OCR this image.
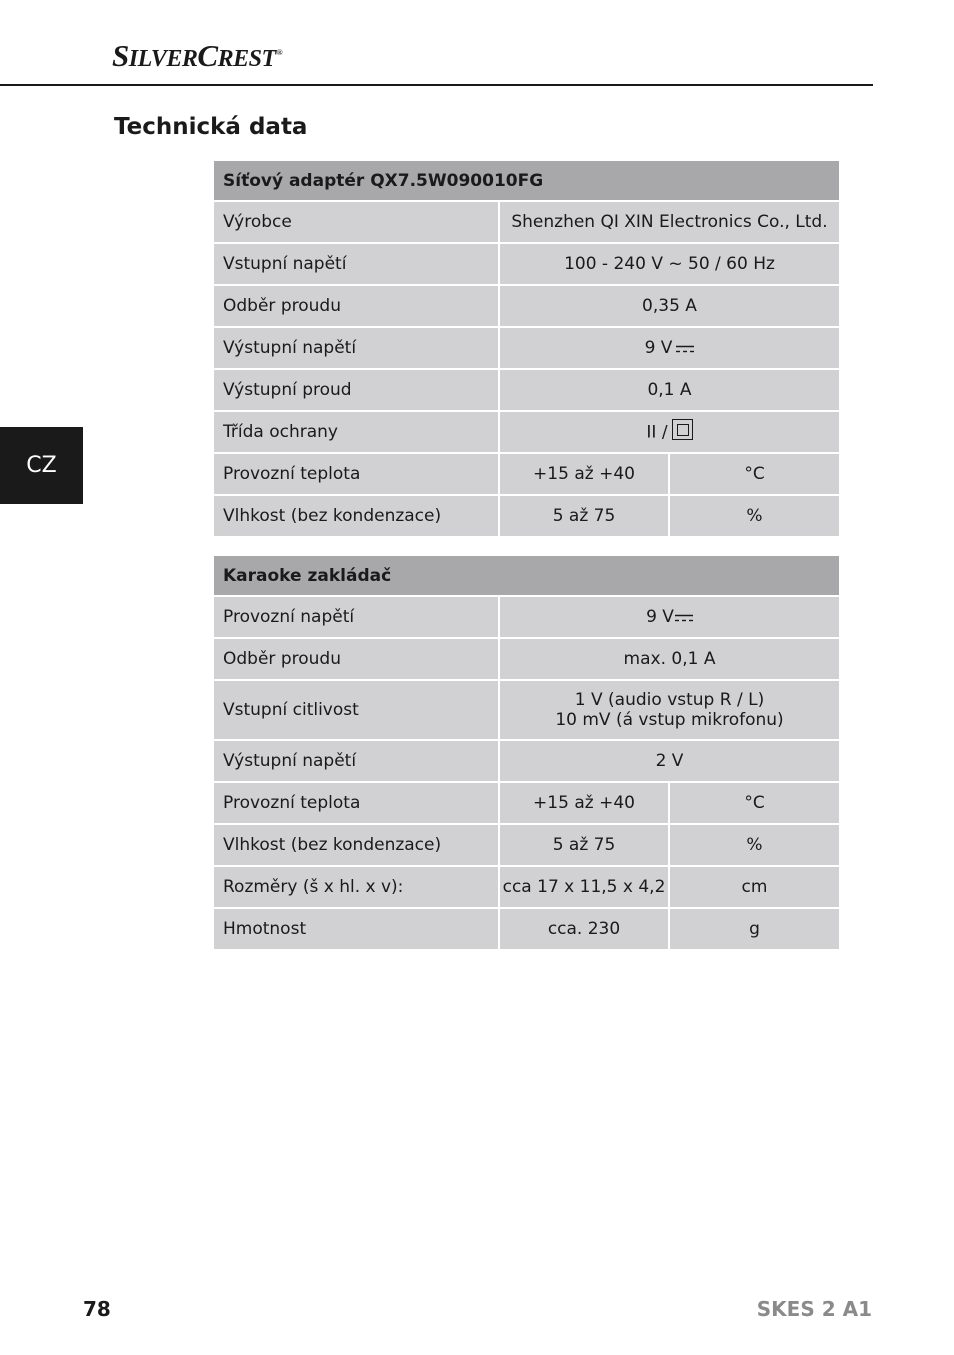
SILVERCREST®
Technická data
CZ
Síťový adaptér QX7.5W090010FG		
Výrobce	Shenzhen QI XIN Electronics Co., Ltd.	
Vstupní napětí	100 - 240 V ~ 50 / 60 Hz	
Odběr proudu	0,35 A	
Výstupní napětí	9 V	
Výstupní proud	0,1 A	
Třída ochrany	II /	
Provozní teplota	+15 až +40	°C
Vlhkost (bez kondenzace)	5 až 75	%
Karaoke zakládač		
Provozní napětí	9 V	
Odběr proudu	max. 0,1 A	
Vstupní citlivost	1 V (audio vstup R / L)
10 mV (á vstup mikrofonu)	

Výstupní napětí	2 V	
Provozní teplota	+15 až +40	°C
Vlhkost (bez kondenzace)	5 až 75	%
Rozměry (š x hl. x v):	cca 17 x 11,5 x 4,2	cm
Hmotnost	cca. 230	g
78	SKES 2 A1
